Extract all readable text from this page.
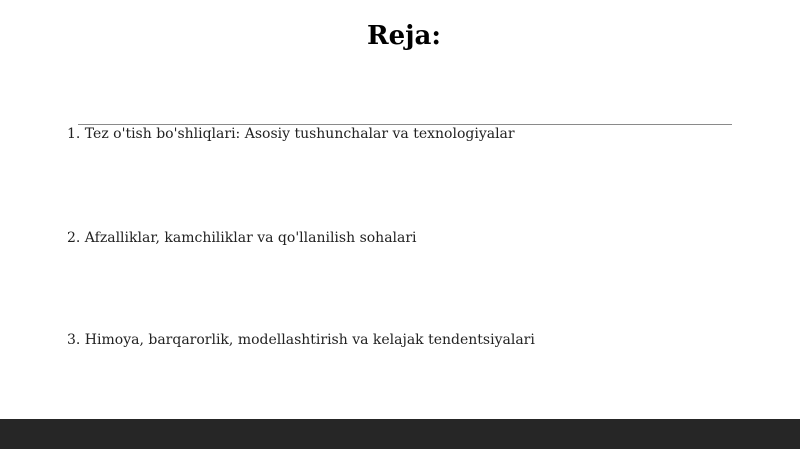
Reja:
1. Tez o'tish bo'shliqlari: Asosiy tushunchalar va texnologiyalar
2. Afzalliklar, kamchiliklar va qo'llanilish sohalari
3. Himoya, barqarorlik, modellashtirish va kelajak tendentsiyalari
